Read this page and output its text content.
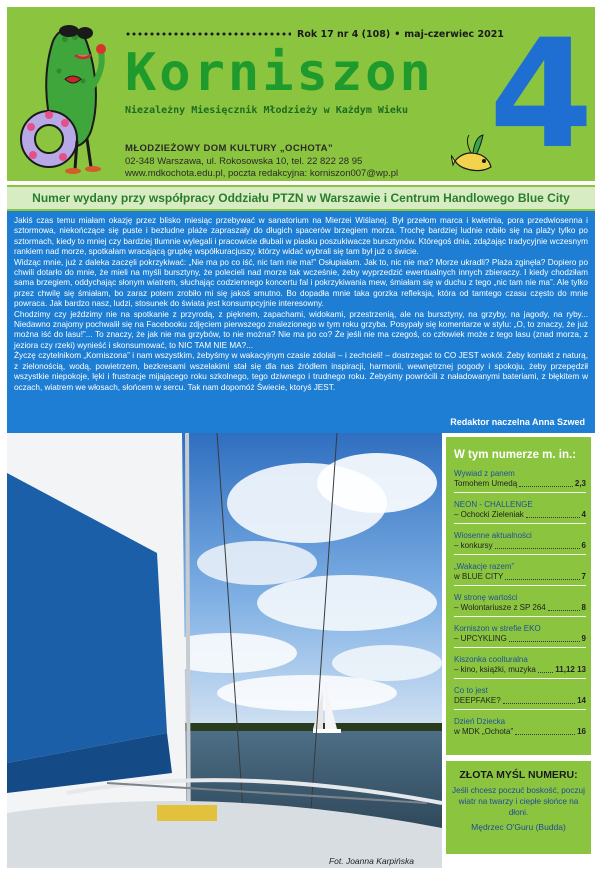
Rok 17 nr 4 (108) • maj-czerwiec 2021
Korniszon
Niezależny Miesięcznik Młodzieży w Każdym Wieku
MŁODZIEŻOWY DOM KULTURY „OCHOTA”
02-348 Warszawa, ul. Rokosowska 10, tel. 22 822 28 95
www.mdkochota.edu.pl, poczta redakcyjna: korniszon007@wp.pl 4
Numer wydany przy współpracy Oddziału PTZN w Warszawie i Centrum Handlowego Blue City

Jakiś czas temu miałam okazję przez blisko miesiąc przebywać w sanatorium na Mierzei Wiślanej. Był przełom marca i kwietnia, pora przedwiosenna i sztormowa, niekończące się puste i bezludne plaże zapraszały do długich spacerów brzegiem morza. Trochę bardziej ludnie robiło się na plaży tylko po sztormach, kiedy to mniej czy bardziej tłumnie wylegali i pracowicie dłubali w piasku poszukiwacze bursztynów. Któregoś dnia, zdążając tradycyjnie wczesnym rankiem nad morze, spotkałam wracającą grupkę współkuracjuszy, którzy widać wybrali się tam był już o świcie.

Widząc mnie, już z daleka zaczęli pokrzykiwać: „Nie ma po co iść, nic tam nie ma!” Osłupiałam. Jak to, nic nie ma? Morze ukradli? Plaża zginęła? Dopiero po chwili dotarło do mnie, że mieli na myśli bursztyny, że polecieli nad morze tak wcześnie, żeby wyprzedzić ewentualnych innych zbieraczy. I kiedy chodziłam sama brzegiem, oddychając słonym wiatrem, słuchając codziennego koncertu fal i pokrzykiwania mew, śmiałam się w duchu z tego „nic tam nie ma”. Ale tylko przez chwilę się śmiałam, bo zaraz potem zrobiło mi się jakoś smutno. Bo dopadła mnie taka gorzka refleksja, która od tamtego czasu często do mnie powraca. Jak bardzo nasz, ludzi, stosunek do świata jest konsumpcyjnie interesowny.

Chodzimy czy jeździmy nie na spotkanie z przyrodą, z pięknem, zapachami, widokami, przestrzenią, ale na bursztyny, na grzyby, na jagody, na ryby... Niedawno znajomy pochwalił się na Facebooku zdjęciem pierwszego znalezionego w tym roku grzyba. Posypały się komentarze w stylu: „O, to znaczy, że już można iść do lasu!”... To znaczy, że jak nie ma grzybów, to nie można? Nie ma po co? Że jeśli nie ma czegoś, co człowiek może z tego lasu (znad morza, z jeziora czy rzeki) wynieść i skonsumować, to NIC TAM NIE MA?...

Życzę czytelnikom „Korniszona” i nam wszystkim, żebyśmy w wakacyjnym czasie zdolali – i zechcieli! – dostrzegać to CO JEST wokół. Żeby kontakt z naturą, z zielonością, wodą, powietrzem, bezkresami wszelakimi stał się dla nas źródłem inspiracji, harmonii, wewnętrznej pogody i spokoju, żeby przepędził wszystkie niepokoje, lęki i frustracje mijającego roku szkolnego, tego dziwnego i trudnego roku. Żebyśmy powrócili z naładowanymi bateriami, z błękitem w oczach, wiatrem we włosach, słońcem w sercu. Tak nam dopomóż Świecie, ktoryś JEST.

Redaktor naczelna Anna Szwed
Fot. Joanna Karpińska
W tym numerze m. in.:
Wywiad z panem
Tomohem Umedą	2,3
NEON - CHALLENGE
– Ochocki Zieleniak	4
Wiosenne aktualności
– konkursy	6
„Wakacje razem”
w BLUE CITY	7
W stronę wartości
– Wolontariusze z SP 264	8
Korniszon w strefie EKO
– UPCYKLING	9
Kiszonka coolturalna
– kino, książki, muzyka 11,12 13
Co to jest
DEEPFAKE?	14
Dzień Dziecka
w MDK „Ochota”	16
ZŁOTA MYŚL NUMERU:
Jeśli chcesz poczuć boskość, poczuj wiatr na twarzy i ciepłe słońce na dłoni.
Mędrzec O'Guru (Budda)
